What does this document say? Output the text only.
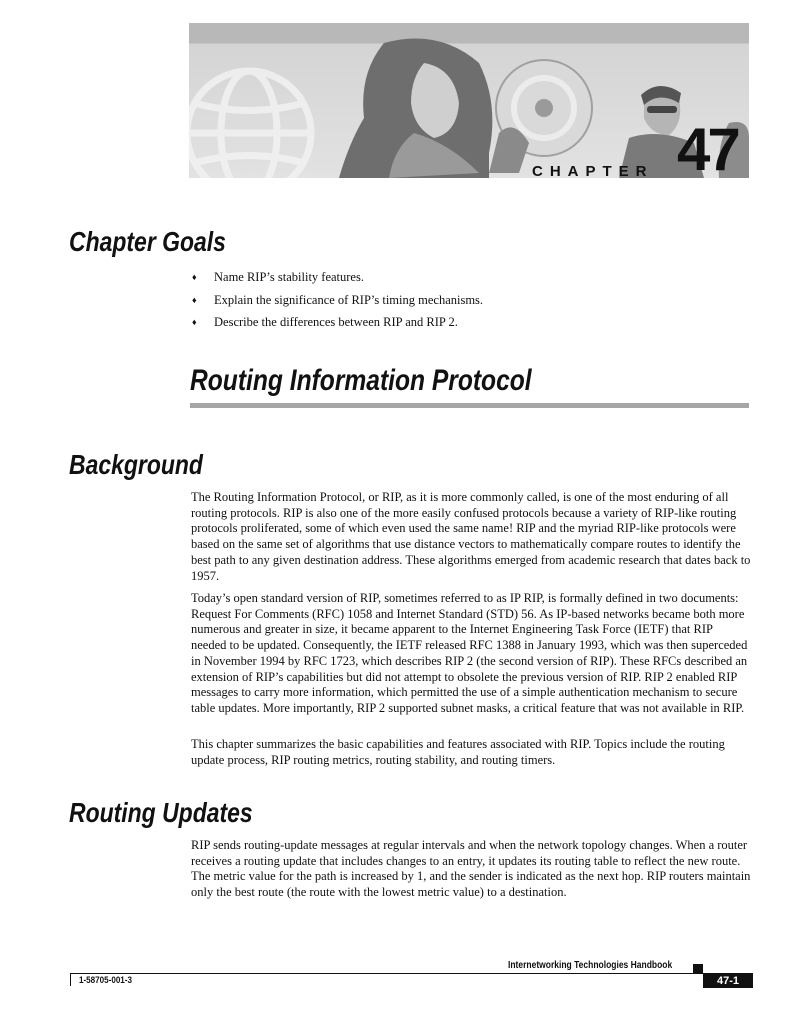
CHAPTER 47
Chapter Goals
♦ Name RIP’s stability features.
♦ Explain the significance of RIP’s timing mechanisms.
♦ Describe the differences between RIP and RIP 2.
Routing Information Protocol
Background

The Routing Information Protocol, or RIP, as it is more commonly called, is one of the most enduring of all routing protocols. RIP is also one of the more easily confused protocols because a variety of RIP-like routing protocols proliferated, some of which even used the same name! RIP and the myriad RIP-like protocols were based on the same set of algorithms that use distance vectors to mathematically compare routes to identify the best path to any given destination address. These algorithms emerged from academic research that dates back to 1957.

Today’s open standard version of RIP, sometimes referred to as IP RIP, is formally defined in two documents: Request For Comments (RFC) 1058 and Internet Standard (STD) 56. As IP-based networks became both more numerous and greater in size, it became apparent to the Internet Engineering Task Force (IETF) that RIP needed to be updated. Consequently, the IETF released RFC 1388 in January 1993, which was then superceded in November 1994 by RFC 1723, which describes RIP 2 (the second version of RIP). These RFCs described an extension of RIP’s capabilities but did not attempt to obsolete the previous version of RIP. RIP 2 enabled RIP messages to carry more information, which permitted the use of a simple authentication mechanism to secure table updates. More importantly, RIP 2 supported subnet masks, a critical feature that was not available in RIP.

This chapter summarizes the basic capabilities and features associated with RIP. Topics include the routing update process, RIP routing metrics, routing stability, and routing timers.

Routing Updates

RIP sends routing-update messages at regular intervals and when the network topology changes. When a router receives a routing update that includes changes to an entry, it updates its routing table to reflect the new route. The metric value for the path is increased by 1, and the sender is indicated as the next hop. RIP routers maintain only the best route (the route with the lowest metric value) to a destination.

Internetworking Technologies Handbook
1-58705-001-3	47-1
